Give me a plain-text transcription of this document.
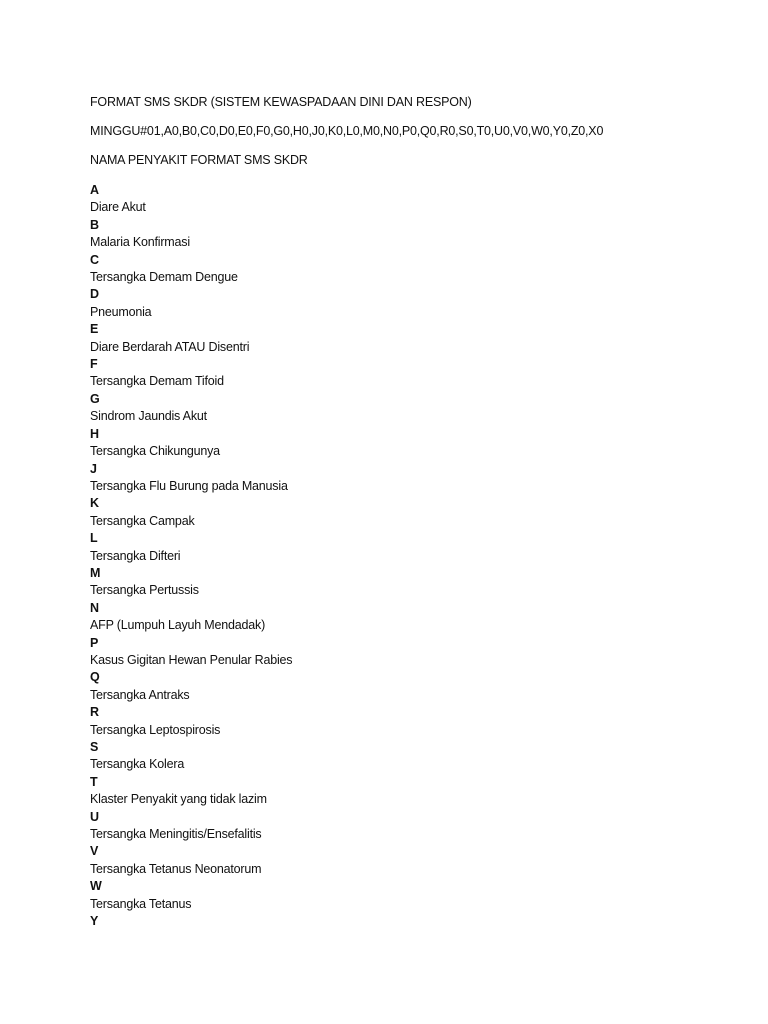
FORMAT SMS SKDR (SISTEM KEWASPADAAN DINI DAN RESPON)
MINGGU#01,A0,B0,C0,D0,E0,F0,G0,H0,J0,K0,L0,M0,N0,P0,Q0,R0,S0,T0,U0,V0,W0,Y0,Z0,X0
NAMA PENYAKIT FORMAT SMS SKDR
A
Diare Akut
B
Malaria Konfirmasi
C
Tersangka Demam Dengue
D
Pneumonia
E
Diare Berdarah ATAU Disentri
F
Tersangka Demam Tifoid
G
Sindrom Jaundis Akut
H
Tersangka Chikungunya
J
Tersangka Flu Burung pada Manusia
K
Tersangka Campak
L
Tersangka Difteri
M
Tersangka Pertussis
N
AFP (Lumpuh Layuh Mendadak)
P
Kasus Gigitan Hewan Penular Rabies
Q
Tersangka Antraks
R
Tersangka Leptospirosis
S
Tersangka Kolera
T
Klaster Penyakit yang tidak lazim
U
Tersangka Meningitis/Ensefalitis
V
Tersangka Tetanus Neonatorum
W
Tersangka Tetanus
Y
